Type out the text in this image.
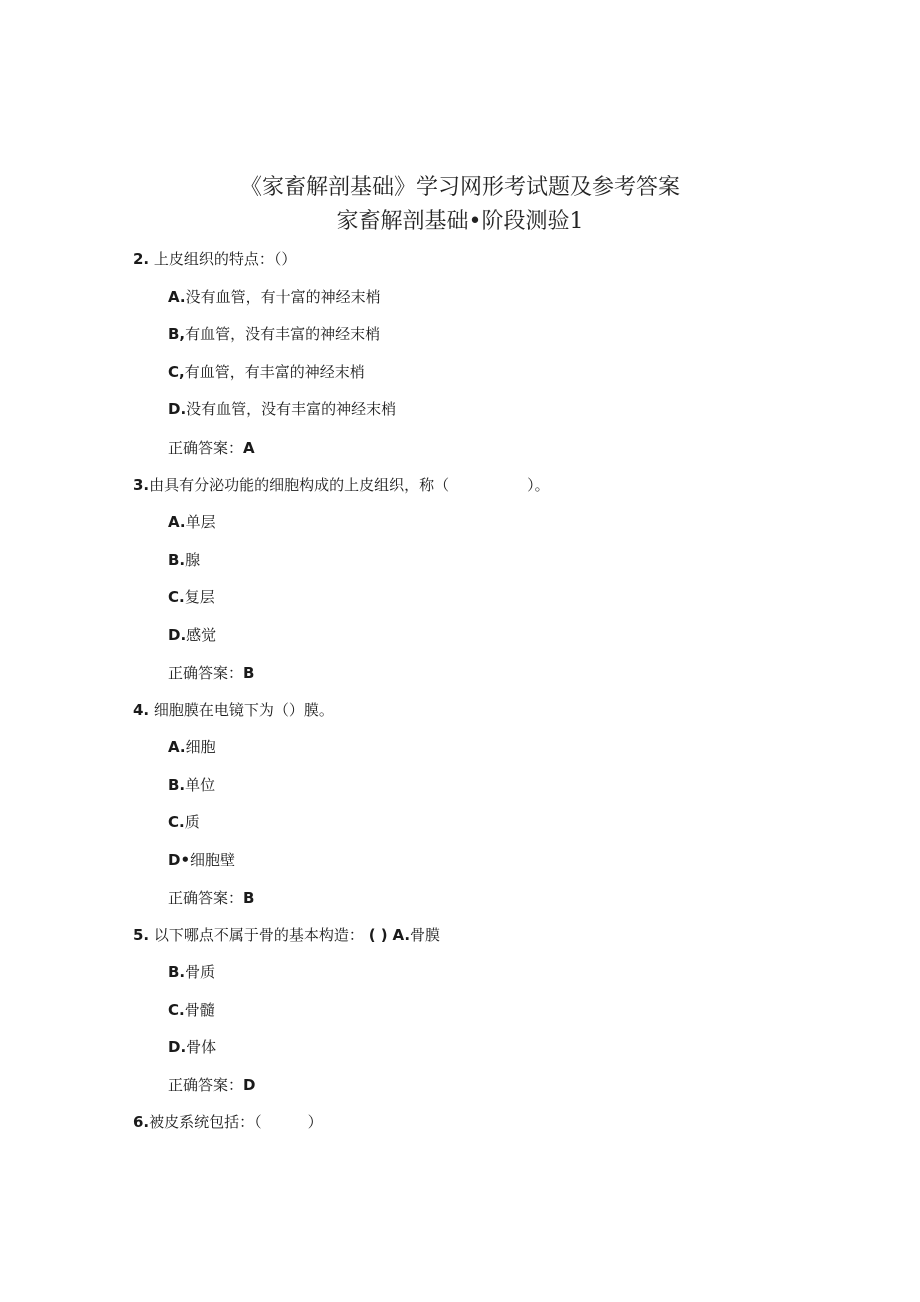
《家畜解剖基础》学习网形考试题及参考答案
家畜解剖基础•阶段测验1
2. 上皮组织的特点：（）
A.没有血管，有十富的神经末梢
B,有血管，没有丰富的神经末梢
C,有血管，有丰富的神经末梢
D.没有血管，没有丰富的神经末梢
正确答案：A
3.由具有分泌功能的细胞构成的上皮组织，称（	）。
A.单层
B.腺
C.复层
D.感觉
正确答案：B
4. 细胞膜在电镜下为（）膜。
A.细胞
B.单位
C.质
D•细胞壁
正确答案：B
5. 以下哪点不属于骨的基本构造： ( ) A.骨膜
B.骨质
C.骨髓
D.骨体
正确答案：D
6.被皮系统包括：（	）
